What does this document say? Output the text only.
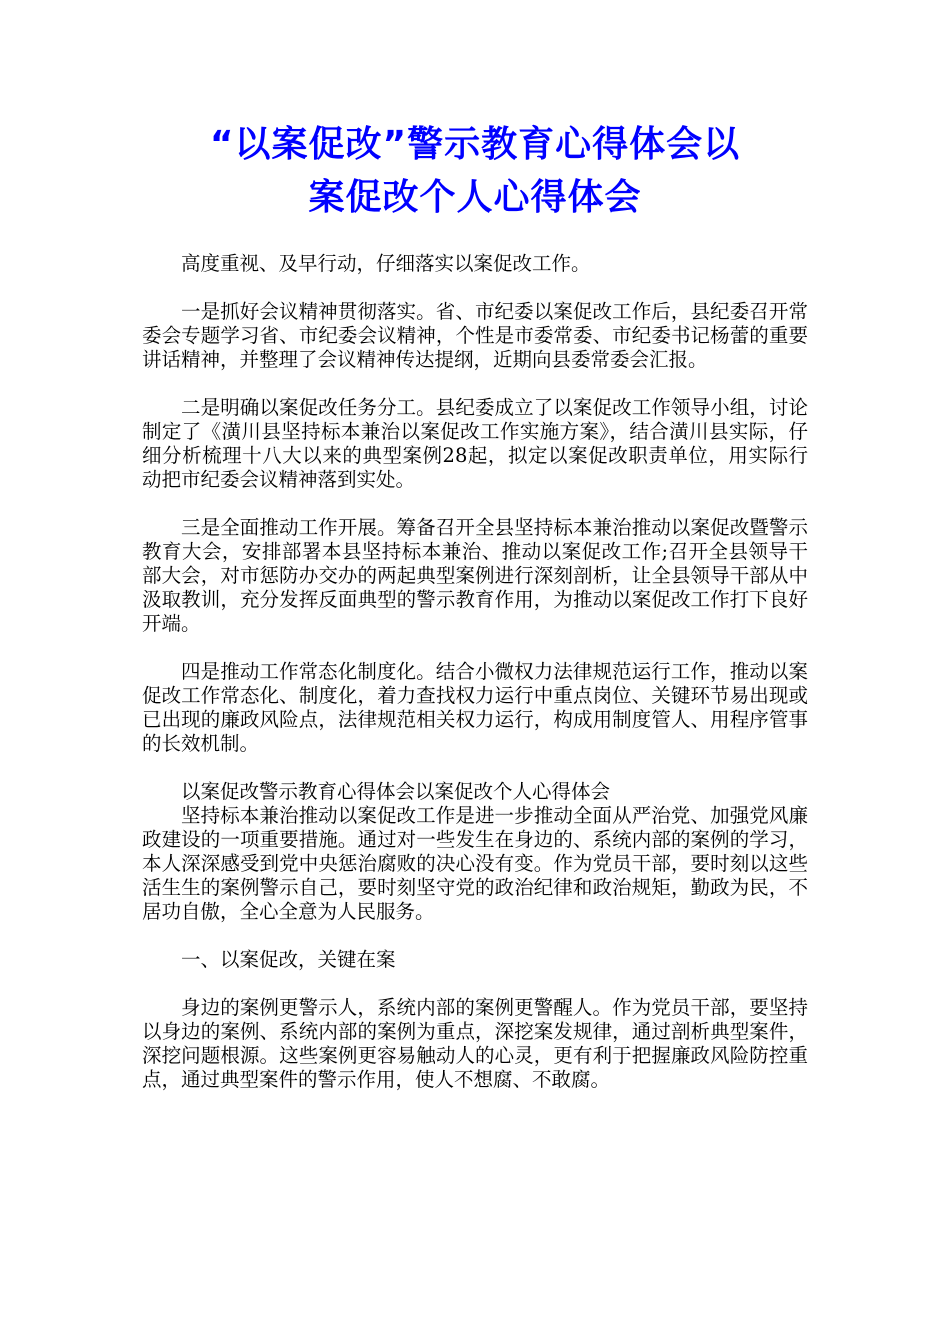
“以案促改”警示教育心得体会以
案促改个人心得体会

高度重视、及早行动，仔细落实以案促改工作。

一是抓好会议精神贯彻落实。省、市纪委以案促改工作后，县纪委召开常委会专题学习省、市纪委会议精神，个性是市委常委、市纪委书记杨蕾的重要讲话精神，并整理了会议精神传达提纲，近期向县委常委会汇报。

二是明确以案促改任务分工。县纪委成立了以案促改工作领导小组，讨论制定了《潢川县坚持标本兼治以案促改工作实施方案》，结合潢川县实际，仔细分析梳理十八大以来的典型案例28起，拟定以案促改职责单位，用实际行动把市纪委会议精神落到实处。

三是全面推动工作开展。筹备召开全县坚持标本兼治推动以案促改暨警示教育大会，安排部署本县坚持标本兼治、推动以案促改工作;召开全县领导干部大会，对市惩防办交办的两起典型案例进行深刻剖析，让全县领导干部从中汲取教训，充分发挥反面典型的警示教育作用，为推动以案促改工作打下良好开端。

四是推动工作常态化制度化。结合小微权力法律规范运行工作，推动以案促改工作常态化、制度化，着力查找权力运行中重点岗位、关键环节易出现或已出现的廉政风险点，法律规范相关权力运行，构成用制度管人、用程序管事的长效机制。

以案促改警示教育心得体会以案促改个人心得体会

坚持标本兼治推动以案促改工作是进一步推动全面从严治党、加强党风廉政建设的一项重要措施。通过对一些发生在身边的、系统内部的案例的学习，本人深深感受到党中央惩治腐败的决心没有变。作为党员干部，要时刻以这些活生生的案例警示自己，要时刻坚守党的政治纪律和政治规矩，勤政为民，不居功自傲，全心全意为人民服务。

一、以案促改，关键在案

身边的案例更警示人，系统内部的案例更警醒人。作为党员干部，要坚持以身边的案例、系统内部的案例为重点，深挖案发规律，通过剖析典型案件，深挖问题根源。这些案例更容易触动人的心灵，更有利于把握廉政风险防控重点，通过典型案件的警示作用，使人不想腐、不敢腐。
